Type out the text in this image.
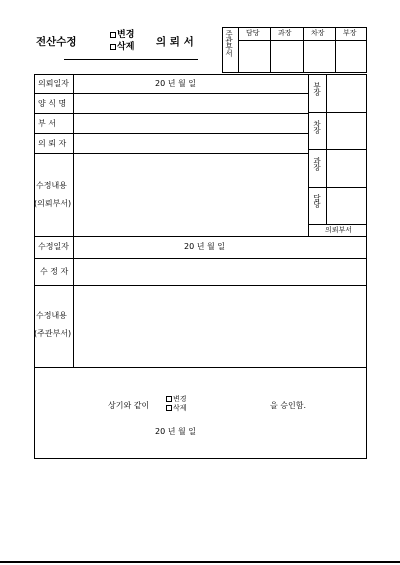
전산수정
변경
삭제 의 뢰 서	주관부서 담당	과장	차장	부장
의뢰일자	20 년 월 일
양 식 명
부 서
의 뢰 자
수정내용
(의뢰부서)
부장
차장
과장
담당
의뢰부서
수정일자	20 년 월 일
수 정 자
수정내용
(주관부서)
상기와 같이
변경
삭제	을 승인함.
20 년 월 일
